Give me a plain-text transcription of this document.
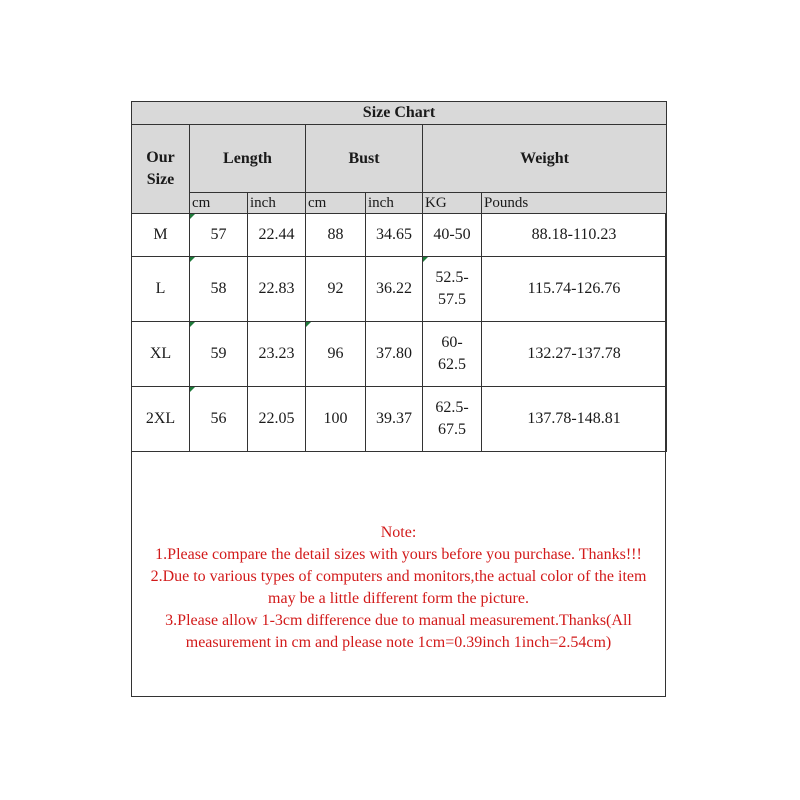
Size Chart						
Our Size	Length		Bust		Weight	
	cm	inch	cm	inch	KG	Pounds
M	57	22.44	88	34.65	40-50	88.18-110.23
L	58	22.83	92	36.22	52.5-57.5	115.74-126.76
XL	59	23.23	96	37.80	60-62.5	132.27-137.78
2XL	56	22.05	100	39.37	62.5-67.5	137.78-148.81
Note:
1.Please compare the detail sizes with yours before you purchase. Thanks!!!
2.Due to various types of computers and monitors,the actual color of the item
may be a little different form the picture.
3.Please allow 1-3cm difference due to manual measurement.Thanks(All
measurement in cm and please note 1cm=0.39inch 1inch=2.54cm)
